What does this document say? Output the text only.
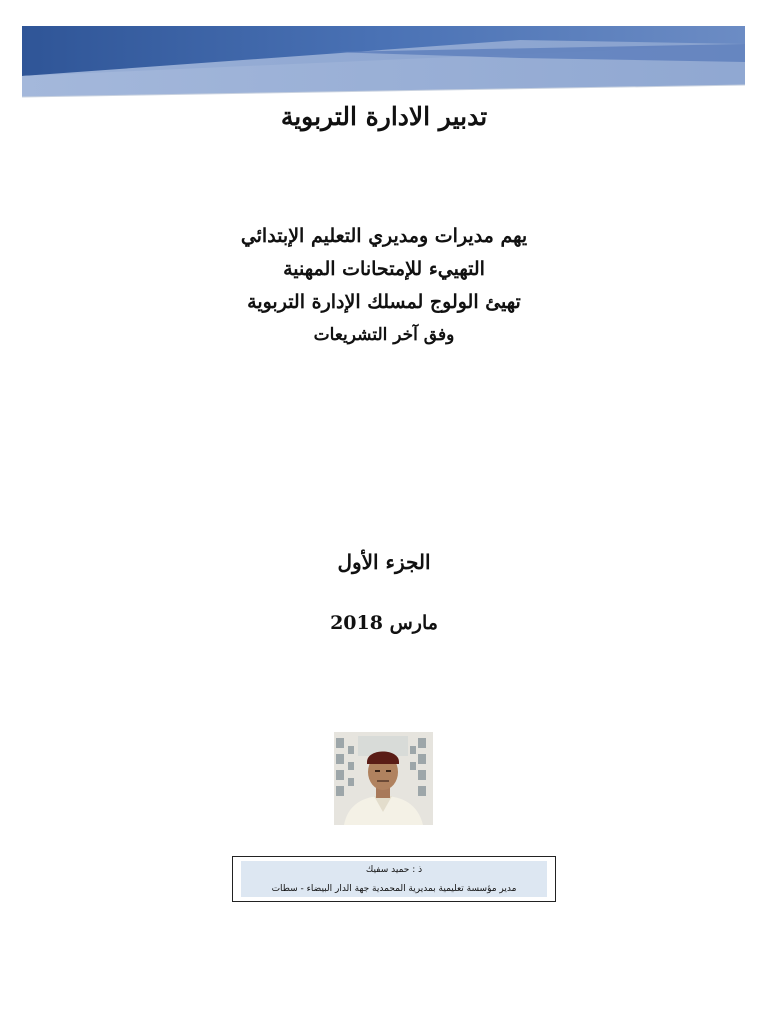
تدبير الادارة التربوية

يهم مديرات ومديري التعليم الإبتدائي

التهييء للإمتحانات المهنية

تهيئ الولوج لمسلك الإدارة التربوية

وفق آخر التشريعات

الجزء الأول
مارس 2018
ذ : حميد سفيك
مدير مؤسسة تعليمية بمديرية المحمدية جهة الدار البيضاء - سطات
